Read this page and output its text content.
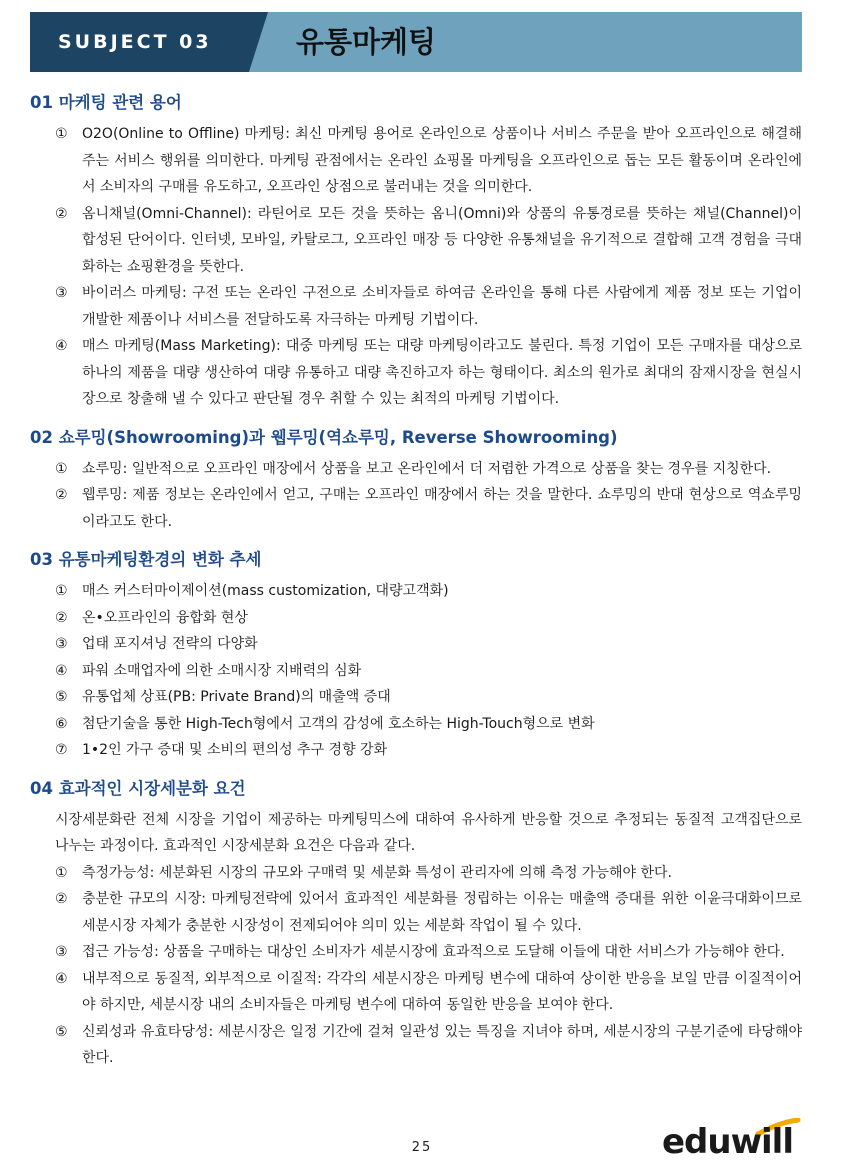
SUBJECT 03	유통마케팅
01 마케팅 관련 용어
① O2O(Online to Offline) 마케팅: 최신 마케팅 용어로 온라인으로 상품이나 서비스 주문을 받아 오프라인으로 해결해 주는 서비스 행위를 의미한다. 마케팅 관점에서는 온라인 쇼핑몰 마케팅을 오프라인으로 돕는 모든 활동이며 온라인에서 소비자의 구매를 유도하고, 오프라인 상점으로 불러내는 것을 의미한다.
② 옴니채널(Omni-Channel): 라틴어로 모든 것을 뜻하는 옴니(Omni)와 상품의 유통경로를 뜻하는 채널(Channel)이 합성된 단어이다. 인터넷, 모바일, 카탈로그, 오프라인 매장 등 다양한 유통채널을 유기적으로 결합해 고객 경험을 극대화하는 쇼핑환경을 뜻한다.
③ 바이러스 마케팅: 구전 또는 온라인 구전으로 소비자들로 하여금 온라인을 통해 다른 사람에게 제품 정보 또는 기업이 개발한 제품이나 서비스를 전달하도록 자극하는 마케팅 기법이다.
④ 매스 마케팅(Mass Marketing): 대중 마케팅 또는 대량 마케팅이라고도 불린다. 특정 기업이 모든 구매자를 대상으로 하나의 제품을 대량 생산하여 대량 유통하고 대량 촉진하고자 하는 형태이다. 최소의 원가로 최대의 잠재시장을 현실시장으로 창출해 낼 수 있다고 판단될 경우 취할 수 있는 최적의 마케팅 기법이다.
02 쇼루밍(Showrooming)과 웹루밍(역쇼루밍, Reverse Showrooming)
① 쇼루밍: 일반적으로 오프라인 매장에서 상품을 보고 온라인에서 더 저렴한 가격으로 상품을 찾는 경우를 지칭한다.
② 웹루밍: 제품 정보는 온라인에서 얻고, 구매는 오프라인 매장에서 하는 것을 말한다. 쇼루밍의 반대 현상으로 역쇼루밍이라고도 한다.
03 유통마케팅환경의 변화 추세
① 매스 커스터마이제이션(mass customization, 대량고객화)
② 온•오프라인의 융합화 현상
③ 업태 포지셔닝 전략의 다양화
④ 파워 소매업자에 의한 소매시장 지배력의 심화
⑤ 유통업체 상표(PB: Private Brand)의 매출액 증대
⑥ 첨단기술을 통한 High-Tech형에서 고객의 감성에 호소하는 High-Touch형으로 변화
⑦ 1•2인 가구 증대 및 소비의 편의성 추구 경향 강화
04 효과적인 시장세분화 요건
시장세분화란 전체 시장을 기업이 제공하는 마케팅믹스에 대하여 유사하게 반응할 것으로 추정되는 동질적 고객집단으로 나누는 과정이다. 효과적인 시장세분화 요건은 다음과 같다.
① 측정가능성: 세분화된 시장의 규모와 구매력 및 세분화 특성이 관리자에 의해 측정 가능해야 한다.
② 충분한 규모의 시장: 마케팅전략에 있어서 효과적인 세분화를 정립하는 이유는 매출액 증대를 위한 이윤극대화이므로 세분시장 자체가 충분한 시장성이 전제되어야 의미 있는 세분화 작업이 될 수 있다.
③ 접근 가능성: 상품을 구매하는 대상인 소비자가 세분시장에 효과적으로 도달해 이들에 대한 서비스가 가능해야 한다.
④ 내부적으로 동질적, 외부적으로 이질적: 각각의 세분시장은 마케팅 변수에 대하여 상이한 반응을 보일 만큼 이질적이어야 하지만, 세분시장 내의 소비자들은 마케팅 변수에 대하여 동일한 반응을 보여야 한다.
⑤ 신뢰성과 유효타당성: 세분시장은 일정 기간에 걸쳐 일관성 있는 특징을 지녀야 하며, 세분시장의 구분기준에 타당해야 한다.
25	eduwill
